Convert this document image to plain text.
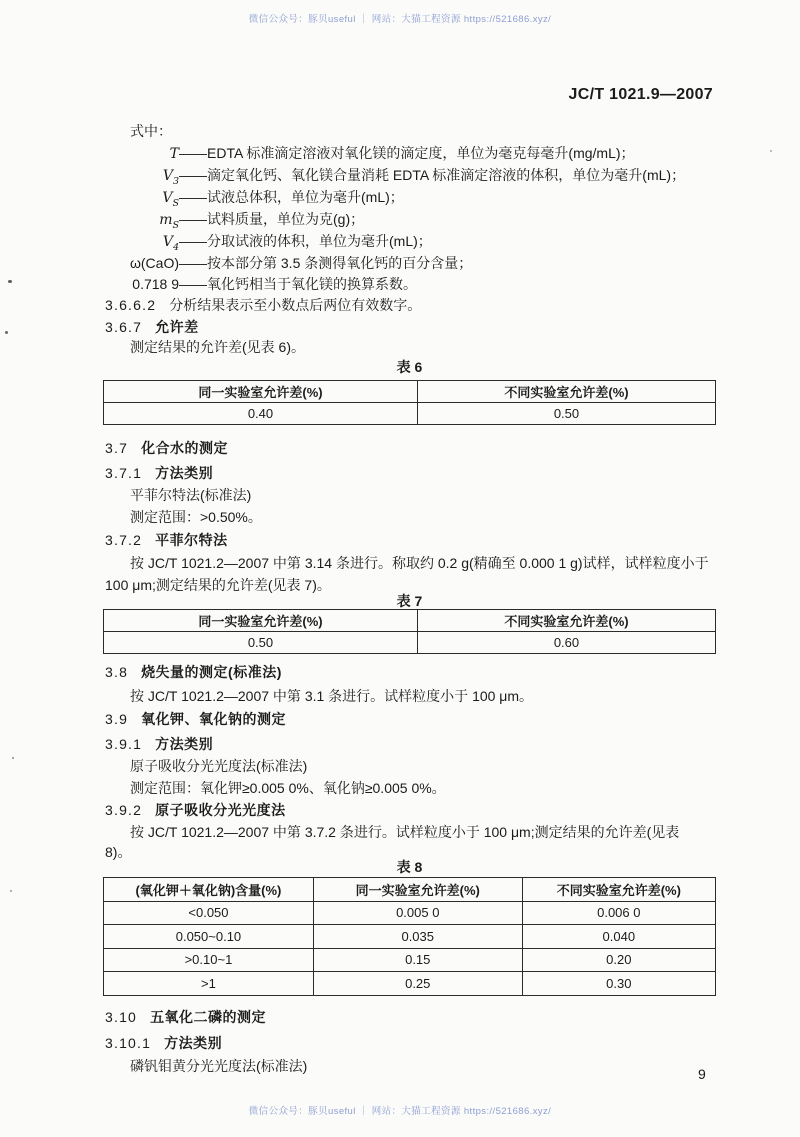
微信公众号：豚贝useful ｜ 网站：大猫工程资源 https://521686.xyz/
JC/T 1021.9—2007
式中：
T ——EDTA 标准滴定溶液对氧化镁的滴定度，单位为毫克每毫升(mg/mL)；
$V_3$ ——滴定氧化钙、氧化镁合量消耗 EDTA 标准滴定溶液的体积，单位为毫升(mL)；
$V_S$ ——试液总体积，单位为毫升(mL)；
$m_S$ ——试料质量，单位为克(g)；
$V_4$ ——分取试液的体积，单位为毫升(mL)；
ω(CaO) ——按本部分第 3.5 条测得氧化钙的百分含量；
0.718 9 ——氧化钙相当于氧化镁的换算系数。
3.6.6.2 分析结果表示至小数点后两位有效数字。
3.6.7 允许差
测定结果的允许差(见表 6)。
表 6
同一实验室允许差(%)	不同实验室允许差(%)
0.40	0.50
3.7 化合水的测定
3.7.1 方法类别
平菲尔特法(标准法)
测定范围：>0.50%。
3.7.2 平菲尔特法
按 JC/T 1021.2—2007 中第 3.14 条进行。称取约 0.2 g(精确至 0.000 1 g)试样，试样粒度小于
100 μm;测定结果的允许差(见表 7)。
表 7
同一实验室允许差(%)	不同实验室允许差(%)
0.50	0.60
3.8 烧失量的测定(标准法)
按 JC/T 1021.2—2007 中第 3.1 条进行。试样粒度小于 100 μm。
3.9 氧化钾、氧化钠的测定
3.9.1 方法类别
原子吸收分光光度法(标准法)
测定范围：氧化钾≥0.005 0%、氧化钠≥0.005 0%。
3.9.2 原子吸收分光光度法
按 JC/T 1021.2—2007 中第 3.7.2 条进行。试样粒度小于 100 μm;测定结果的允许差(见表
8)。
表 8
(氧化钾＋氧化钠)含量(%)	同一实验室允许差(%)	不同实验室允许差(%)
<0.050	0.005 0	0.006 0
0.050~0.10	0.035	0.040
>0.10~1	0.15	0.20
>1	0.25	0.30
3.10 五氧化二磷的测定
3.10.1 方法类别
磷钒钼黄分光光度法(标准法)	9
微信公众号：豚贝useful ｜ 网站：大猫工程资源 https://521686.xyz/
